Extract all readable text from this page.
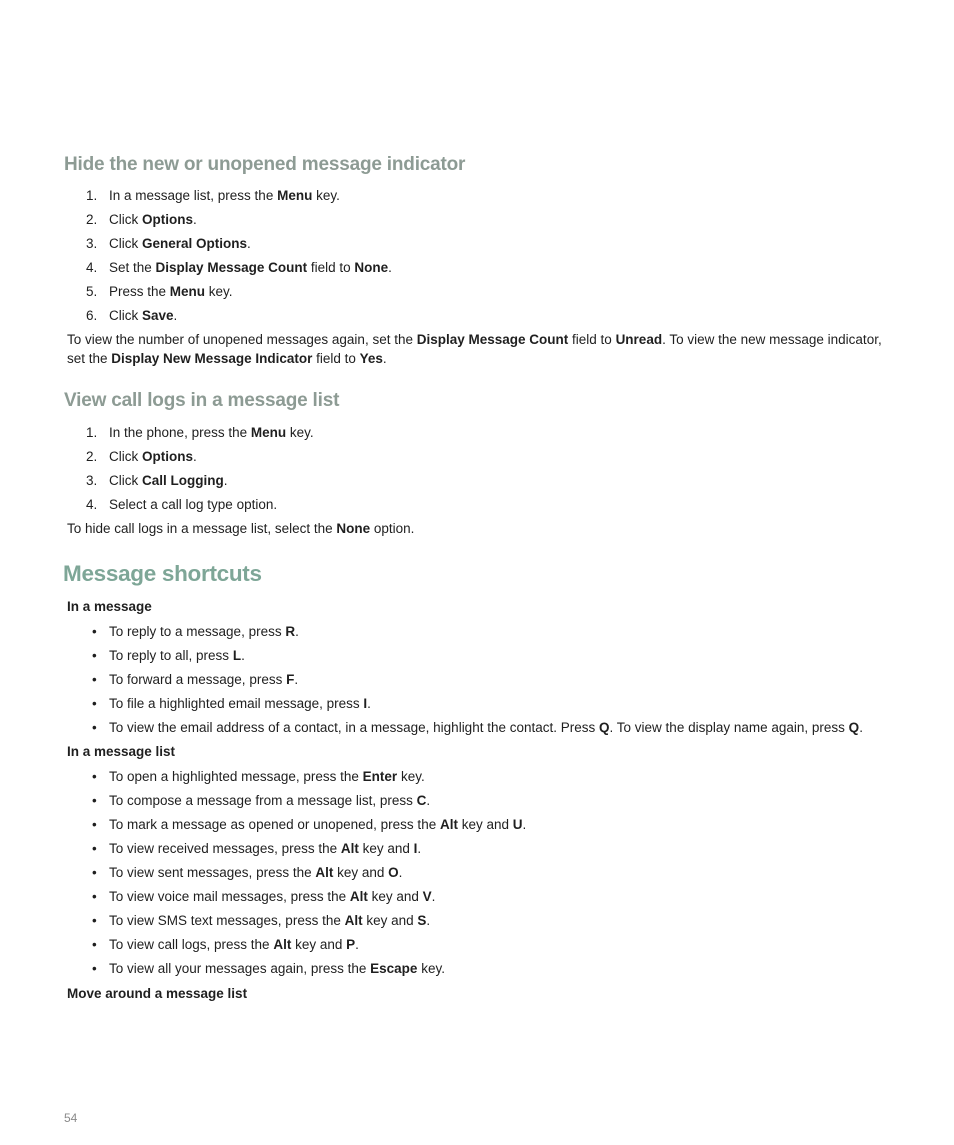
Hide the new or unopened message indicator
1. In a message list, press the Menu key.
2. Click Options.
3. Click General Options.
4. Set the Display Message Count field to None.
5. Press the Menu key.
6. Click Save.

To view the number of unopened messages again, set the Display Message Count field to Unread. To view the new message indicator, set the Display New Message Indicator field to Yes.

View call logs in a message list
1. In the phone, press the Menu key.
2. Click Options.
3. Click Call Logging.
4. Select a call log type option.

To hide call logs in a message list, select the None option.

Message shortcuts

In a message

• To reply to a message, press R.
• To reply to all, press L.
• To forward a message, press F.
• To file a highlighted email message, press I.
• To view the email address of a contact, in a message, highlight the contact. Press Q. To view the display name again, press Q.

In a message list

• To open a highlighted message, press the Enter key.
• To compose a message from a message list, press C.
• To mark a message as opened or unopened, press the Alt key and U.
• To view received messages, press the Alt key and I.
• To view sent messages, press the Alt key and O.
• To view voice mail messages, press the Alt key and V.
• To view SMS text messages, press the Alt key and S.
• To view call logs, press the Alt key and P.
• To view all your messages again, press the Escape key.

Move around a message list

54
